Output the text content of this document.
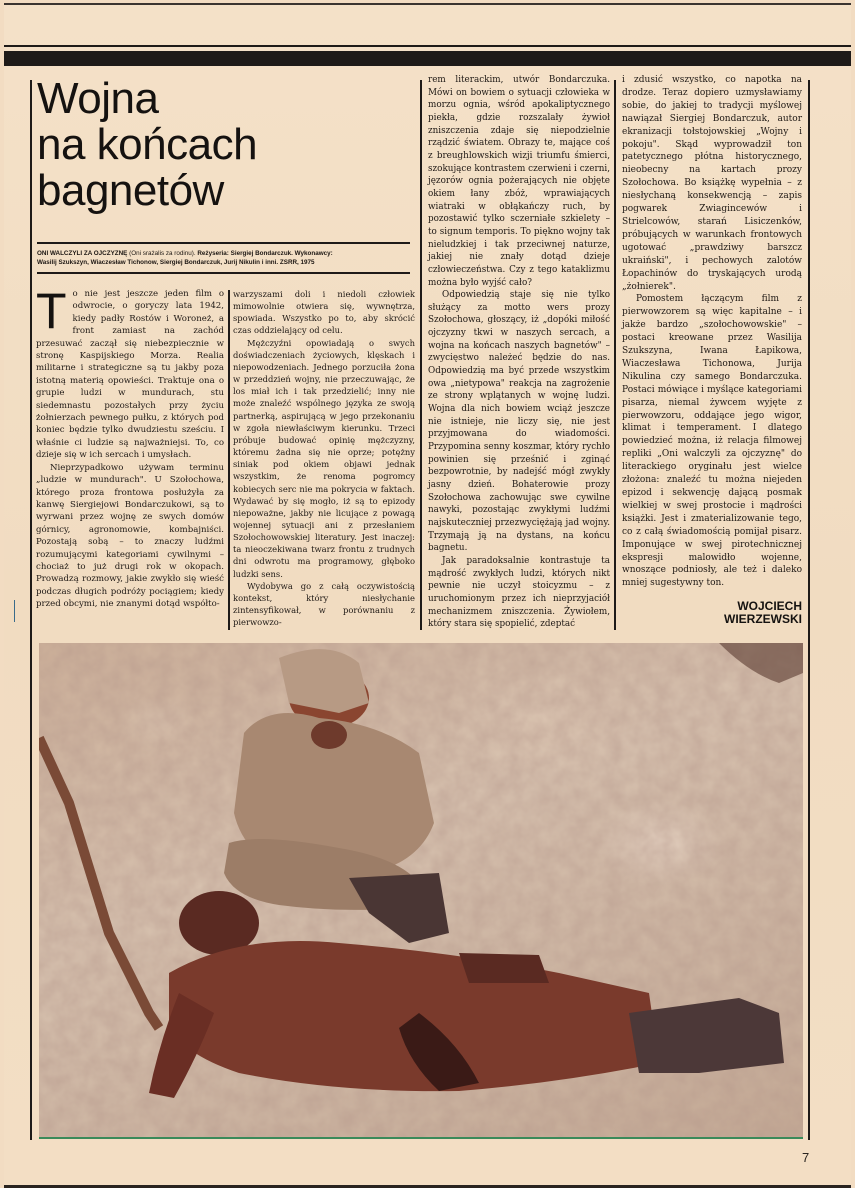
Wojna
na końcach
bagnetów
ONI WALCZYLI ZA OJCZYZNĘ (Oni srażalis za rodinu). Reżyseria: Siergiej Bondarczuk. Wykonawcy:
Wasilij Szukszyn, Wiaczesław Tichonow, Siergiej Bondarczuk, Jurij Nikulin i inni. ZSRR, 1975

To nie jest jeszcze jeden film o odwrocie, o goryczy lata 1942, kiedy padły Rostów i Woroneż, a front zamiast na zachód przesuwać zaczął się niebezpiecznie w stronę Kaspijskiego Morza. Realia militarne i strategiczne są tu jakby poza istotną materią opowieści. Traktuje ona o grupie ludzi w mundurach, stu siedemnastu pozostałych przy życiu żołnierzach pewnego pułku, z których pod koniec będzie tylko dwudziestu sześciu. I właśnie ci ludzie są najważniejsi. To, co dzieje się w ich sercach i umysłach.

Nieprzypadkowo używam terminu „ludzie w mundurach". U Szołochowa, którego proza frontowa posłużyła za kanwę Siergiejowi Bondarczukowi, są to wyrwani przez wojnę ze swych domów górnicy, agronomowie, kombajniści. Pozostają sobą – to znaczy ludźmi rozumującymi kategoriami cywilnymi – chociaż to już drugi rok w okopach. Prowadzą rozmowy, jakie zwykło się wieść podczas długich podróży pociągiem; kiedy przed obcymi, nie znanymi dotąd współto-

warzyszami doli i niedoli człowiek mimowolnie otwiera się, wywnętrza, spowiada. Wszystko po to, aby skrócić czas oddzielający od celu.

Mężczyźni opowiadają o swych doświadczeniach życiowych, klęskach i niepowodzeniach. Jednego porzuciła żona w przeddzień wojny, nie przeczuwając, że los miał ich i tak przedzielić; inny nie może znaleźć wspólnego języka ze swoją partnerką, aspirującą w jego przekonaniu w zgoła niewłaściwym kierunku. Trzeci próbuje budować opinię mężczyzny, któremu żadna się nie oprze; potężny siniak pod okiem objawi jednak wszystkim, że renoma pogromcy kobiecych serc nie ma pokrycia w faktach. Wydawać by się mogło, iż są to epizody niepoważne, jakby nie licujące z powagą wojennej sytuacji ani z przesłaniem Szołochowowskiej literatury. Jest inaczej: ta nieoczekiwana twarz frontu z trudnych dni odwrotu ma programowy, głęboko ludzki sens.

Wydobywa go z całą oczywistością kontekst, który niesłychanie zintensyfikował, w porównaniu z pierwowzo-

rem literackim, utwór Bondarczuka. Mówi on bowiem o sytuacji człowieka w morzu ognia, wśród apokaliptycznego piekła, gdzie rozszalały żywioł zniszczenia zdaje się niepodzielnie rządzić światem. Obrazy te, mające coś z breughlowskich wizji triumfu śmierci, szokujące kontrastem czerwieni i czerni, jęzorów ognia pożerających nie objęte okiem łany zbóż, wprawiających wiatraki w obłąkańczy ruch, by pozostawić tylko sczerniałe szkielety – to signum temporis. To piękno wojny tak nieludzkiej i tak przeciwnej naturze, jakiej nie znały dotąd dzieje człowieczeństwa. Czy z tego kataklizmu można było wyjść cało?

Odpowiedzią staje się nie tylko służący za motto wers prozy Szołochowa, głoszący, iż „dopóki miłość ojczyzny tkwi w naszych sercach, a wojna na końcach naszych bagnetów" – zwycięstwo należeć będzie do nas. Odpowiedzią ma być przede wszystkim owa „nietypowa" reakcja na zagrożenie ze strony wplątanych w wojnę ludzi. Wojna dla nich bowiem wciąż jeszcze nie istnieje, nie liczy się, nie jest przyjmowana do wiadomości. Przypomina senny koszmar, który rychło powinien się prześnić i zginąć bezpowrotnie, by nadejść mógł zwykły jasny dzień. Bohaterowie prozy Szołochowa zachowując swe cywilne nawyki, pozostając zwykłymi ludźmi najskuteczniej przezwyciężają jad wojny. Trzymają ją na dystans, na końcu bagnetu.

Jak paradoksalnie kontrastuje ta mądrość zwykłych ludzi, których nikt pewnie nie uczył stoicyzmu – z uruchomionym przez ich nieprzyjaciół mechanizmem zniszczenia. Żywiołem, który stara się spopielić, zdeptać

i zdusić wszystko, co napotka na drodze. Teraz dopiero uzmysławiamy sobie, do jakiej to tradycji myślowej nawiązał Siergiej Bondarczuk, autor ekranizacji tołstojowskiej „Wojny i pokoju". Skąd wyprowadził ton patetycznego płótna historycznego, nieobecny na kartach prozy Szołochowa. Bo książkę wypełnia – z niesłychaną konsekwencją – zapis pogwarek Zwiagincewów i Strielcowów, starań Lisiczenków, próbujących w warunkach frontowych ugotować „prawdziwy barszcz ukraiński", i pechowych zalotów Łopachinów do tryskających urodą „żołnierek".

Pomostem łączącym film z pierwowzorem są więc kapitalne – i jakże bardzo „szołochowowskie" – postaci kreowane przez Wasilija Szukszyna, Iwana Łapikowa, Wiaczesława Tichonowa, Jurija Nikulina czy samego Bondarczuka. Postaci mówiące i myślące kategoriami pisarza, niemal żywcem wyjęte z pierwowzoru, oddające jego wigor, klimat i temperament. I dlatego powiedzieć można, iż relacja filmowej repliki „Oni walczyli za ojczyznę" do literackiego oryginału jest wielce złożona: znaleźć tu można niejeden epizod i sekwencję dającą posmak wielkiej w swej prostocie i mądrości książki. Jest i zmaterializowanie tego, co z całą świadomością pomijał pisarz. Imponujące w swej pirotechnicznej ekspresji malowidło wojenne, wnoszące podniosły, ale też i daleko mniej sugestywny ton.

WOJCIECH
WIERZEWSKI
7
